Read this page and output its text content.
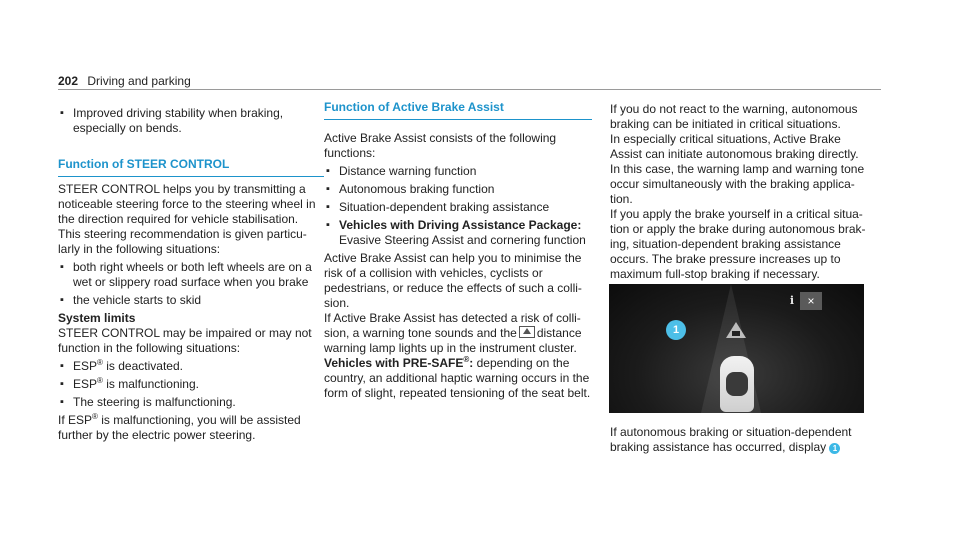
202 Driving and parking
▪ Improved driving stability when braking, especially on bends.
Function of STEER CONTROL

STEER CONTROL helps you by transmitting a noticeable steering force to the steering wheel in the direction required for vehicle stabilisation.

This steering recommendation is given particularly in the following situations:

▪ both right wheels or both left wheels are on a wet or slippery road surface when you brake
▪ the vehicle starts to skid

System limits

STEER CONTROL may be impaired or may not function in the following situations:

▪ ESP® is deactivated.
▪ ESP® is malfunctioning.
▪ The steering is malfunctioning.

If ESP® is malfunctioning, you will be assisted further by the electric power steering.

Function of Active Brake Assist

Active Brake Assist consists of the following functions:

▪ Distance warning function
▪ Autonomous braking function
▪ Situation-dependent braking assistance
▪ Vehicles with Driving Assistance Package: Evasive Steering Assist and cornering function

Active Brake Assist can help you to minimise the risk of a collision with vehicles, cyclists or pedestrians, or reduce the effects of such a collision.

If Active Brake Assist has detected a risk of collision, a warning tone sounds and the distance warning lamp lights up in the instrument cluster.

Vehicles with PRE-SAFE®: depending on the country, an additional haptic warning occurs in the form of slight, repeated tensioning of the seat belt.

If you do not react to the warning, autonomous braking can be initiated in critical situations.

In especially critical situations, Active Brake Assist can initiate autonomous braking directly. In this case, the warning lamp and warning tone occur simultaneously with the braking application.

If you apply the brake yourself in a critical situation or apply the brake during autonomous braking, situation-dependent braking assistance occurs. The brake pressure increases up to maximum full-stop braking if necessary.

i	×
1
If autonomous braking or situation-dependent braking assistance has occurred, display 1
